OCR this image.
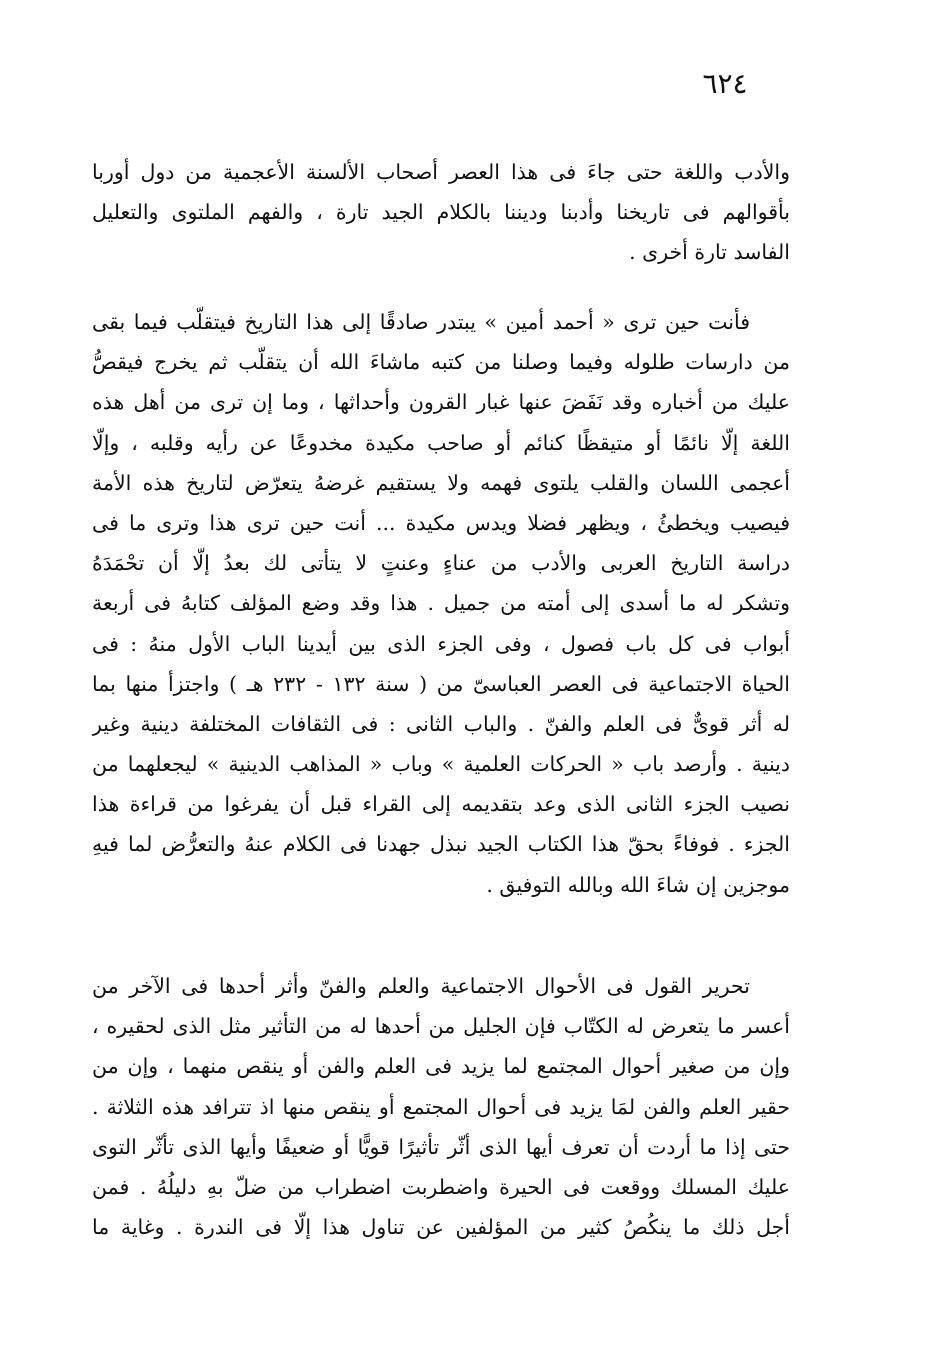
٦٢٤
والأدب واللغة حتى جاءَ فى هذا العصر أصحاب الألسنة الأعجمية من دول أوربا
بأقوالهم فى تاريخنا وأدبنا وديننا بالكلام الجيد تارة ، والفهم الملتوى والتعليل
الفاسد تارة أخرى .
فأنت حين ترى « أحمد أمين » يبتدر صادقًا إلى هذا التاريخ فيتقلّب فيما بقى
من دارسات طلوله وفيما وصلنا من كتبه ماشاءَ الله أن يتقلّب ثم يخرج فيقصُّ
عليك من أخباره وقد نَفَضَ عنها غبار القرون وأحداثها ، وما إن ترى من أهل هذه
اللغة إلّا نائمًا أو متيقظًا كنائم أو صاحب مكيدة مخدوعًا عن رأيه وقلبه ، وإلّا
أعجمى اللسان والقلب يلتوى فهمه ولا يستقيم غرضهُ يتعرّض لتاريخ هذه الأمة
فيصيب ويخطئُ ، ويظهر فضلا ويدس مكيدة ... أنت حين ترى هذا وترى ما فى
دراسة التاريخ العربى والأدب من عناءٍ وعنتٍ لا يتأتى لك بعدُ إلّا أن تحْمَدَهُ
وتشكر له ما أسدى إلى أمته من جميل . هذا وقد وضع المؤلف كتابهُ فى أربعة
أبواب فى كل باب فصول ، وفى الجزء الذى بين أيدينا الباب الأول منهُ : فى
الحياة الاجتماعية فى العصر العباسىّ من ( سنة ١٣٢ - ٢٣٢ هـ ) واجتزأ منها بما
له أثر قوىٌّ فى العلم والفنّ . والباب الثانى : فى الثقافات المختلفة دينية وغير
دينية . وأرصد باب « الحركات العلمية » وباب « المذاهب الدينية » ليجعلهما من
نصيب الجزء الثانى الذى وعد بتقديمه إلى القراء قبل أن يفرغوا من قراءة هذا
الجزء . فوفاءً بحقّ هذا الكتاب الجيد نبذل جهدنا فى الكلام عنهُ والتعرُّض لما فيهِ
موجزين إن شاءَ الله وبالله التوفيق .
تحرير القول فى الأحوال الاجتماعية والعلم والفنّ وأثر أحدها فى الآخر من
أعسر ما يتعرض له الكتّاب فإن الجليل من أحدها له من التأثير مثل الذى لحقيره ،
وإن من صغير أحوال المجتمع لما يزيد فى العلم والفن أو ينقص منهما ، وإن من
حقير العلم والفن لمَا يزيد فى أحوال المجتمع أو ينقص منها اذ تترافد هذه الثلاثة .
حتى إذا ما أردت أن تعرف أيها الذى أثّر تأثيرًا قويًّا أو ضعيفًا وأيها الذى تأثّر التوى
عليك المسلك ووقعت فى الحيرة واضطربت اضطراب من ضلّ بهِ دليلُهُ . فمن
أجل ذلك ما ينكُصُ كثير من المؤلفين عن تناول هذا إلّا فى الندرة . وغاية ما
